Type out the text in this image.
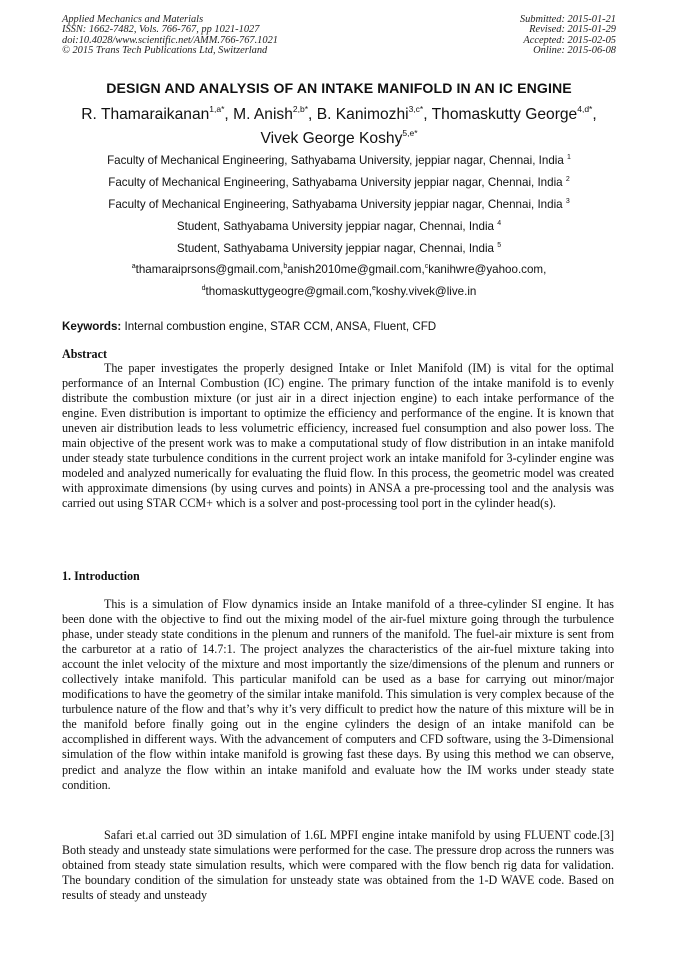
Applied Mechanics and Materials
ISSN: 1662-7482, Vols. 766-767, pp 1021-1027
doi:10.4028/www.scientific.net/AMM.766-767.1021
© 2015 Trans Tech Publications Ltd, Switzerland
Submitted: 2015-01-21
Revised: 2015-01-29
Accepted: 2015-02-05
Online: 2015-06-08
DESIGN AND ANALYSIS OF AN INTAKE MANIFOLD IN AN IC ENGINE
R. Thamaraikanan$^{1,a*}$, M. Anish$^{2,b*}$, B. Kanimozhi$^{3,c*}$, Thomaskutty George$^{4,d*}$,
Vivek George Koshy$^{5,e*}$
Faculty of Mechanical Engineering, Sathyabama University, jeppiar nagar, Chennai, India $^1$
Faculty of Mechanical Engineering, Sathyabama University jeppiar nagar, Chennai, India $^2$
Faculty of Mechanical Engineering, Sathyabama University jeppiar nagar, Chennai, India $^3$
Student, Sathyabama University jeppiar nagar, Chennai, India $^4$
Student, Sathyabama University jeppiar nagar, Chennai, India $^5$
$^a$thamaraiprsons@gmail.com,$^b$anish2010me@gmail.com,$^c$kanihwre@yahoo.com,
$^d$thomaskuttygeogre@gmail.com,$^e$koshy.vivek@live.in
Keywords: Internal combustion engine, STAR CCM, ANSA, Fluent, CFD
Abstract
The paper investigates the properly designed Intake or Inlet Manifold (IM) is vital for the optimal performance of an Internal Combustion (IC) engine. The primary function of the intake manifold is to evenly distribute the combustion mixture (or just air in a direct injection engine) to each intake performance of the engine. Even distribution is important to optimize the efficiency and performance of the engine. It is known that uneven air distribution leads to less volumetric efficiency, increased fuel consumption and also power loss. The main objective of the present work was to make a computational study of flow distribution in an intake manifold under steady state turbulence conditions in the current project work an intake manifold for 3-cylinder engine was modeled and analyzed numerically for evaluating the fluid flow. In this process, the geometric model was created with approximate dimensions (by using curves and points) in ANSA a pre-processing tool and the analysis was carried out using STAR CCM+ which is a solver and post-processing tool port in the cylinder head(s).
1. Introduction
This is a simulation of Flow dynamics inside an Intake manifold of a three-cylinder SI engine. It has been done with the objective to find out the mixing model of the air-fuel mixture going through the turbulence phase, under steady state conditions in the plenum and runners of the manifold. The fuel-air mixture is sent from the carburetor at a ratio of 14.7:1. The project analyzes the characteristics of the air-fuel mixture taking into account the inlet velocity of the mixture and most importantly the size/dimensions of the plenum and runners or collectively intake manifold. This particular manifold can be used as a base for carrying out minor/major modifications to have the geometry of the similar intake manifold. This simulation is very complex because of the turbulence nature of the flow and that’s why it’s very difficult to predict how the nature of this mixture will be in the manifold before finally going out in the engine cylinders the design of an intake manifold can be accomplished in different ways. With the advancement of computers and CFD software, using the 3-Dimensional simulation of the flow within intake manifold is growing fast these days. By using this method we can observe, predict and analyze the flow within an intake manifold and evaluate how the IM works under steady state condition.
Safari et.al carried out 3D simulation of 1.6L MPFI engine intake manifold by using FLUENT code.[3] Both steady and unsteady state simulations were performed for the case. The pressure drop across the runners was obtained from steady state simulation results, which were compared with the flow bench rig data for validation. The boundary condition of the simulation for unsteady state was obtained from the 1-D WAVE code. Based on results of steady and unsteady
